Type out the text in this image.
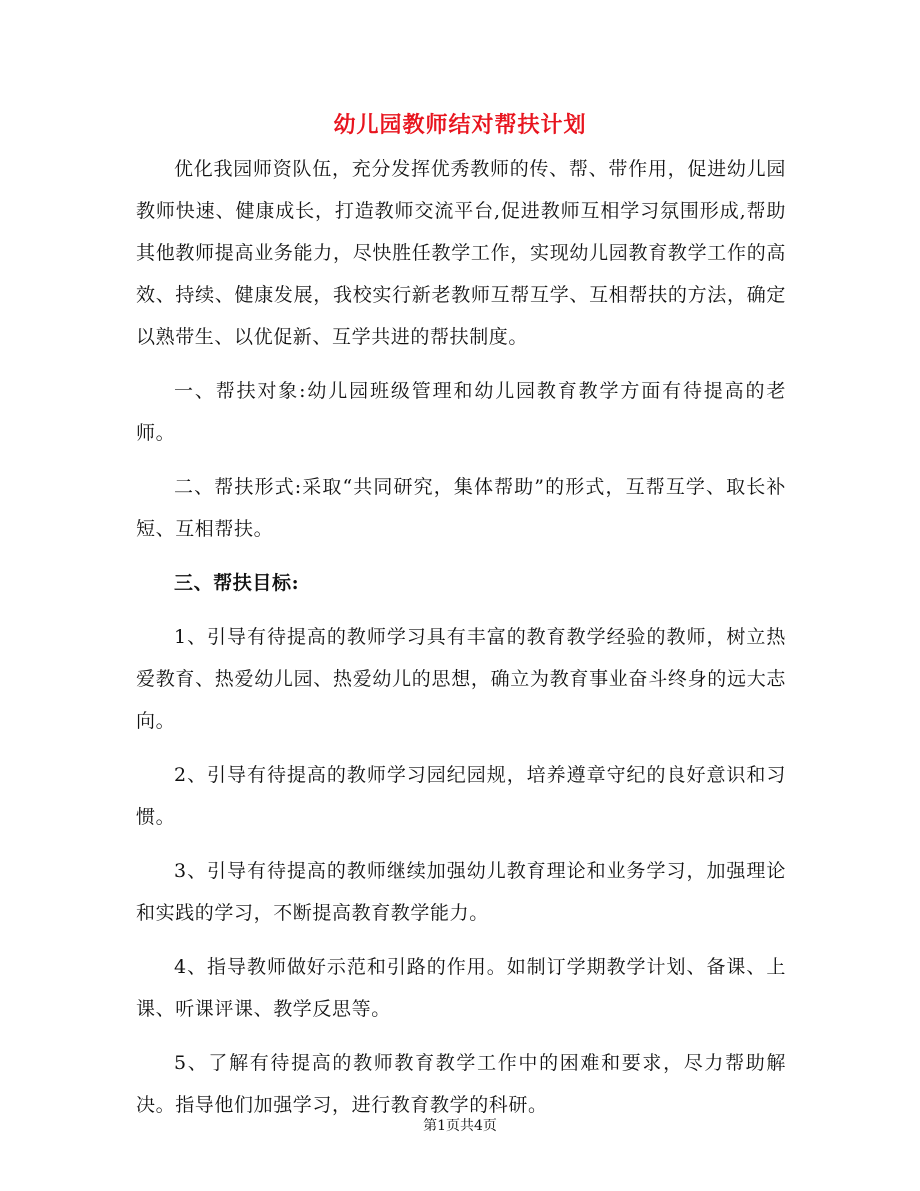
幼儿园教师结对帮扶计划

优化我园师资队伍，充分发挥优秀教师的传、帮、带作用，促进幼儿园教师快速、健康成长，打造教师交流平台,促进教师互相学习氛围形成,帮助其他教师提高业务能力，尽快胜任教学工作，实现幼儿园教育教学工作的高效、持续、健康发展，我校实行新老教师互帮互学、互相帮扶的方法，确定以熟带生、以优促新、互学共进的帮扶制度。

一、帮扶对象:幼儿园班级管理和幼儿园教育教学方面有待提高的老师。

二、帮扶形式:采取“共同研究，集体帮助”的形式，互帮互学、取长补短、互相帮扶。

三、帮扶目标:

1、引导有待提高的教师学习具有丰富的教育教学经验的教师，树立热爱教育、热爱幼儿园、热爱幼儿的思想，确立为教育事业奋斗终身的远大志向。

2、引导有待提高的教师学习园纪园规，培养遵章守纪的良好意识和习惯。

3、引导有待提高的教师继续加强幼儿教育理论和业务学习，加强理论和实践的学习，不断提高教育教学能力。

4、指导教师做好示范和引路的作用。如制订学期教学计划、备课、上课、听课评课、教学反思等。

5、了解有待提高的教师教育教学工作中的困难和要求，尽力帮助解决。指导他们加强学习，进行教育教学的科研。

第1页共4页
